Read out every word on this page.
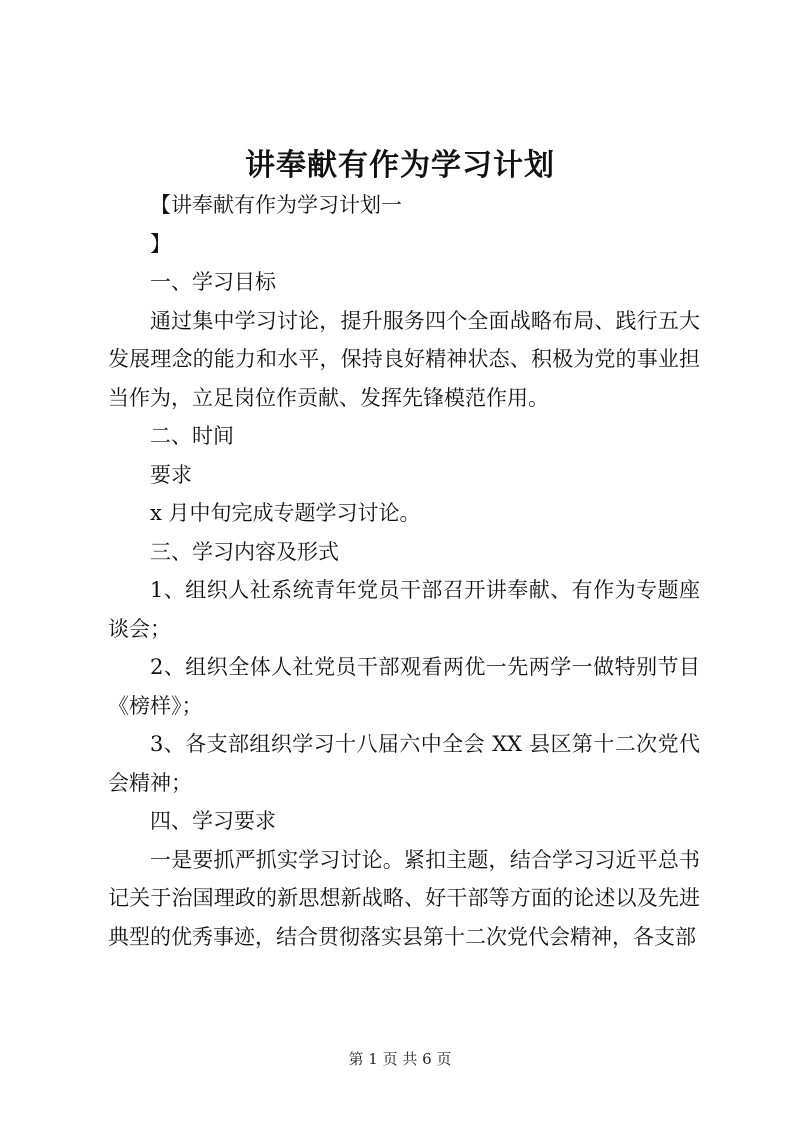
讲奉献有作为学习计划

【讲奉献有作为学习计划一

】

一、学习目标

通过集中学习讨论，提升服务四个全面战略布局、践行五大发展理念的能力和水平，保持良好精神状态、积极为党的事业担当作为，立足岗位作贡献、发挥先锋模范作用。

二、时间

要求

x 月中旬完成专题学习讨论。

三、学习内容及形式

1、组织人社系统青年党员干部召开讲奉献、有作为专题座谈会；

2、组织全体人社党员干部观看两优一先两学一做特别节目《榜样》；

3、各支部组织学习十八届六中全会 XX 县区第十二次党代会精神；

四、学习要求

一是要抓严抓实学习讨论。紧扣主题，结合学习习近平总书记关于治国理政的新思想新战略、好干部等方面的论述以及先进典型的优秀事迹，结合贯彻落实县第十二次党代会精神，各支部

第 1 页 共 6 页
